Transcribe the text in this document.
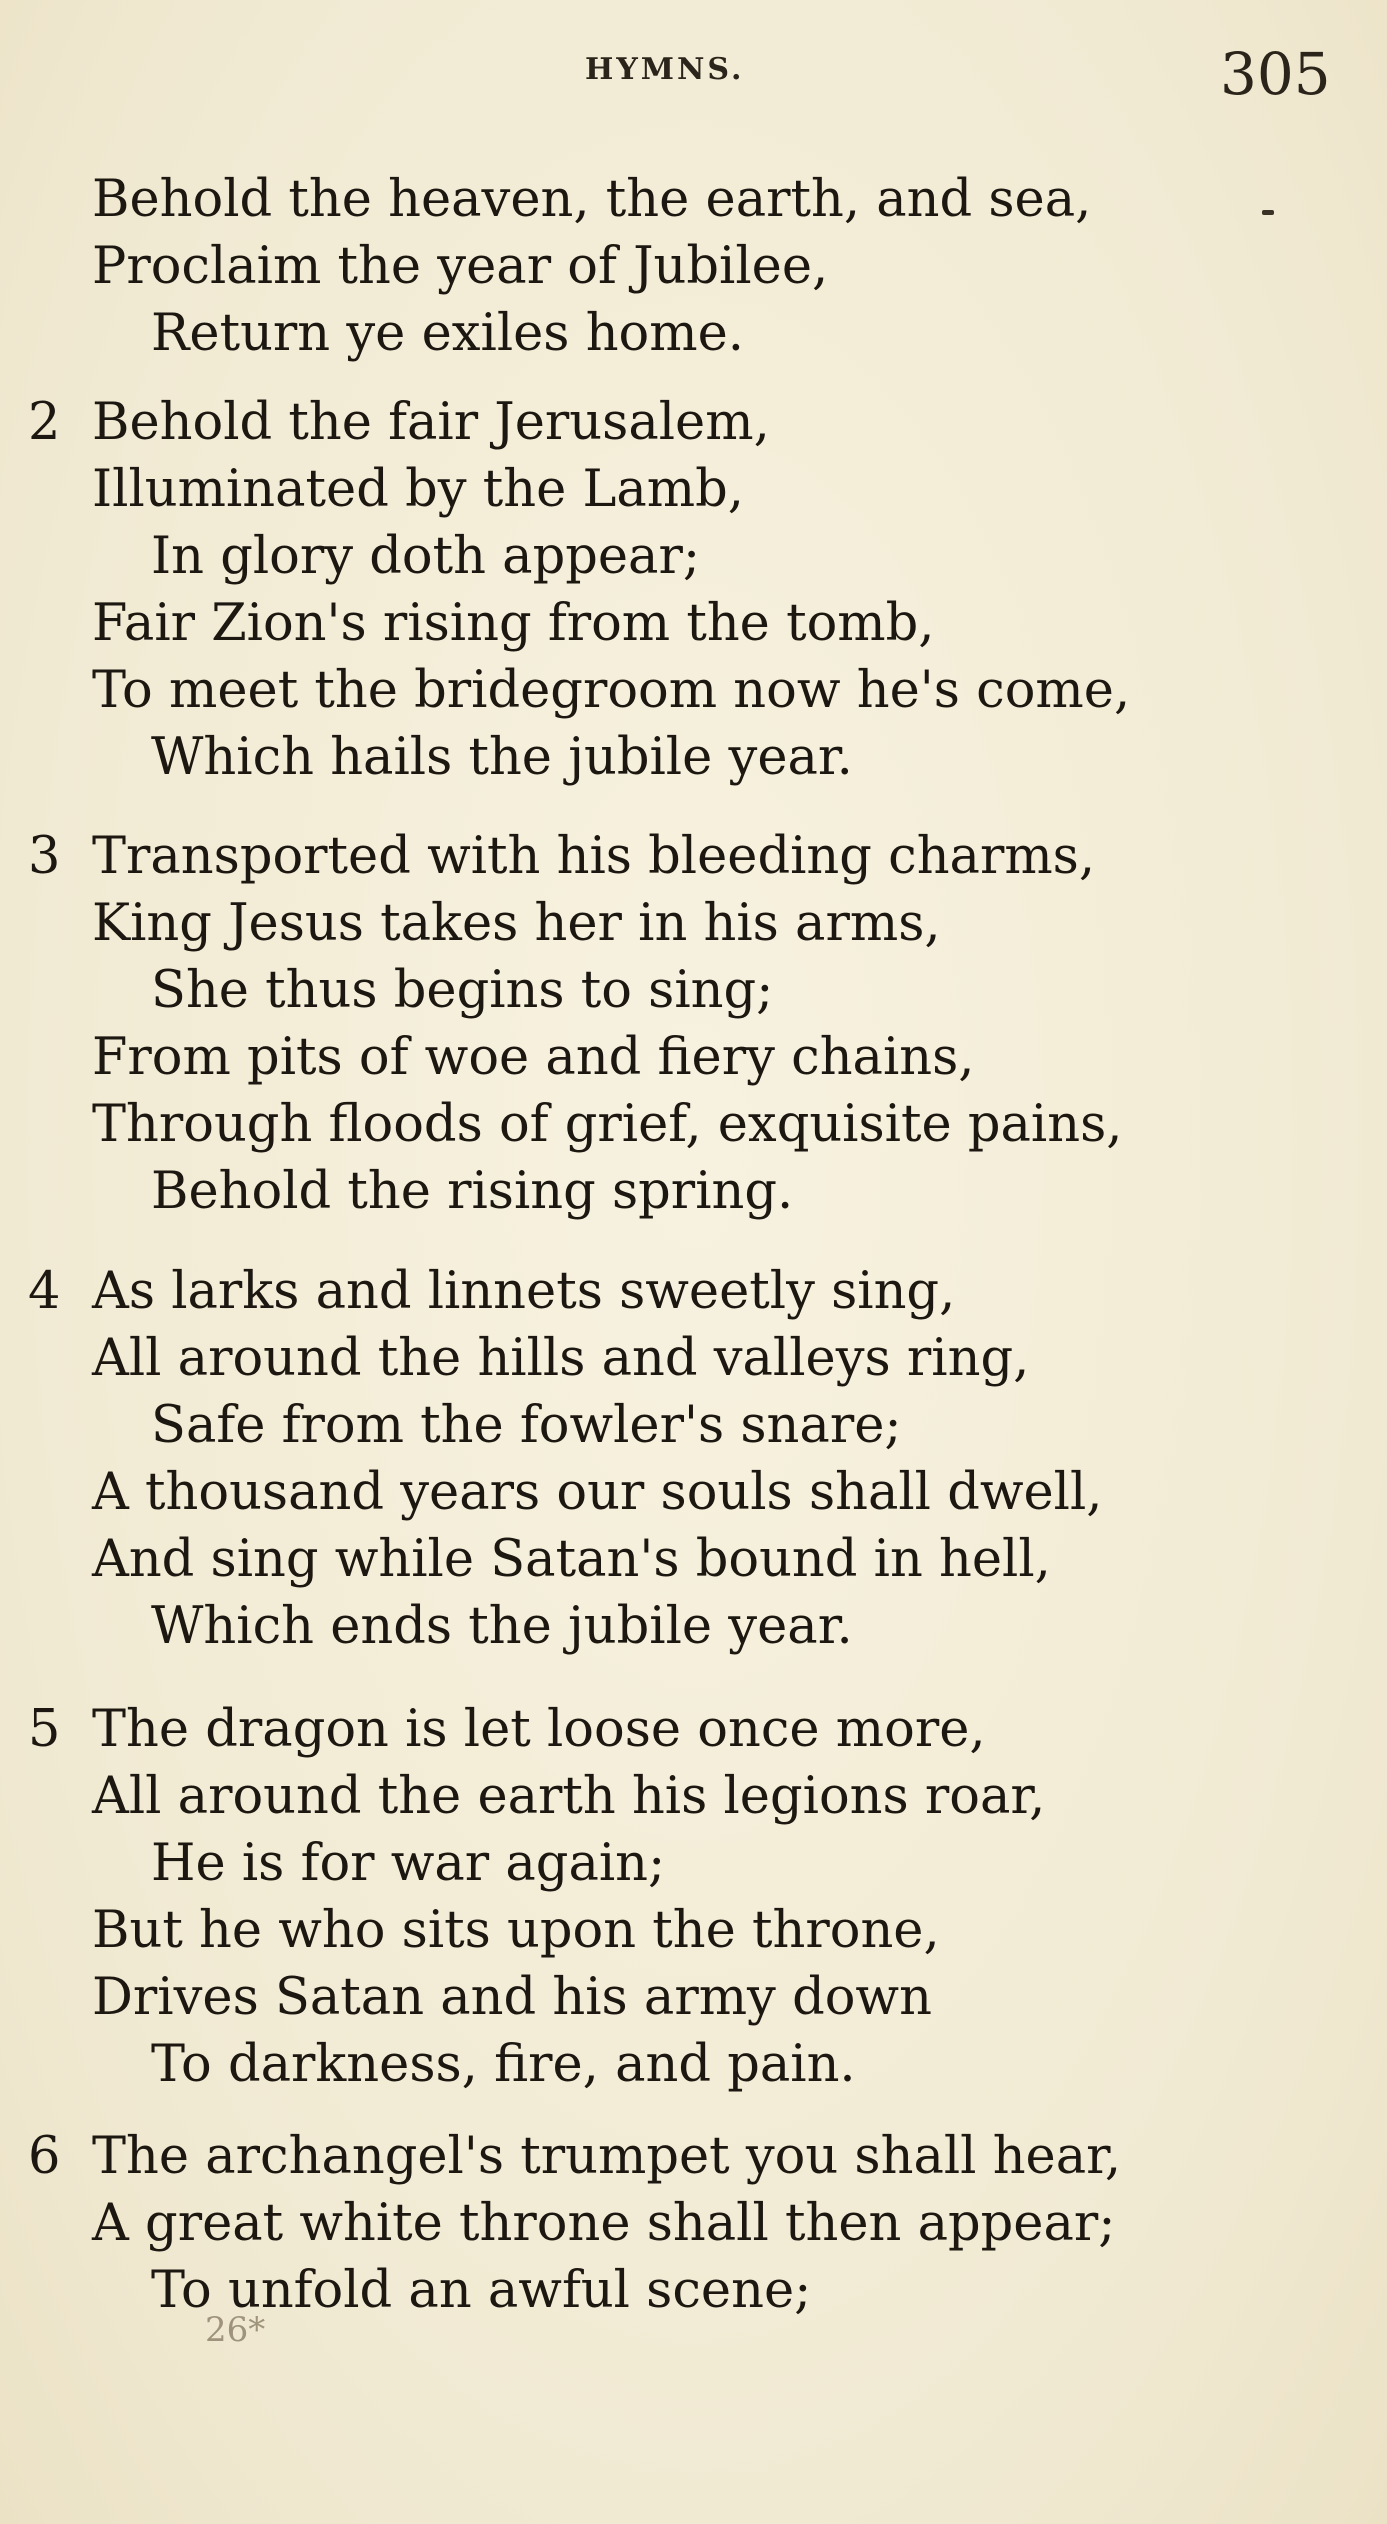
HYMNS.	305
Behold the heaven, the earth, and sea,
Proclaim the year of Jubilee,
Return ye exiles home.
2 Behold the fair Jerusalem,
Illuminated by the Lamb,
In glory doth appear;
Fair Zion's rising from the tomb,
To meet the bridegroom now he's come,
Which hails the jubile year.
3 Transported with his bleeding charms,
King Jesus takes her in his arms,
She thus begins to sing;
From pits of woe and fiery chains,
Through floods of grief, exquisite pains,
Behold the rising spring.
4 As larks and linnets sweetly sing,
All around the hills and valleys ring,
Safe from the fowler's snare;
A thousand years our souls shall dwell,
And sing while Satan's bound in hell,
Which ends the jubile year.
5 The dragon is let loose once more,
All around the earth his legions roar,
He is for war again;
But he who sits upon the throne,
Drives Satan and his army down
To darkness, fire, and pain.
6 The archangel's trumpet you shall hear,
A great white throne shall then appear;
To unfold an awful scene;
26*
